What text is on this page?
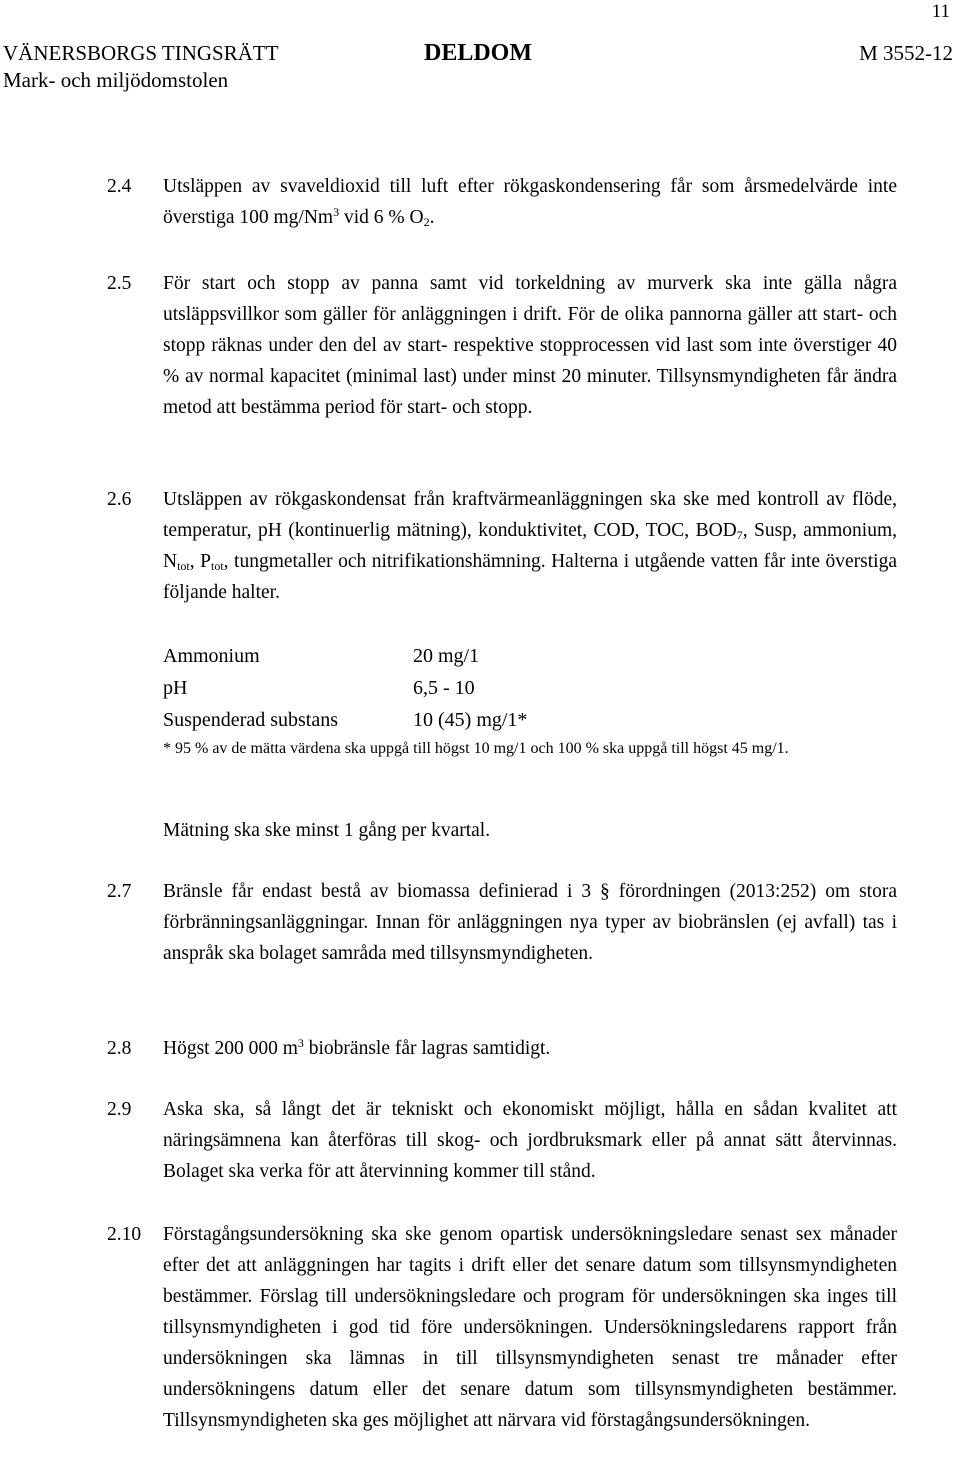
11
VÄNERSBORGS TINGSRÄTT
Mark- och miljödomstolen
DELDOM	M 3552-12
2.4 Utsläppen av svaveldioxid till luft efter rökgaskondensering får som årsmedelvärde inte överstiga 100 mg/Nm$^3$ vid 6 % $O_2$.
2.5 För start och stopp av panna samt vid torkeldning av murverk ska inte gälla några utsläppsvillkor som gäller för anläggningen i drift. För de olika pannorna gäller att start- och stopp räknas under den del av start- respektive stopprocessen vid last som inte överstiger 40 % av normal kapacitet (minimal last) under minst 20 minuter. Tillsynsmyndigheten får ändra metod att bestämma period för start- och stopp.
2.6 Utsläppen av rökgaskondensat från kraftvärmeanläggningen ska ske med kontroll av flöde, temperatur, pH (kontinuerlig mätning), konduktivitet, COD, TOC, $BOD_7$, Susp, ammonium, $N_{tot}$, $P_{tot}$, tungmetaller och nitrifikationshämning. Halterna i utgående vatten får inte överstiga följande halter.
Ammonium	20 mg/1
pH	6,5 - 10
Suspenderad substans	10 (45) mg/1*
* 95 % av de mätta värdena ska uppgå till högst 10 mg/1 och 100 % ska uppgå till högst 45 mg/1.
Mätning ska ske minst 1 gång per kvartal.
2.7 Bränsle får endast bestå av biomassa definierad i 3 § förordningen (2013:252) om stora förbränningsanläggningar. Innan för anläggningen nya typer av biobränslen (ej avfall) tas i anspråk ska bolaget samråda med tillsynsmyndigheten.
2.8 Högst 200 000 $m^3$ biobränsle får lagras samtidigt.
2.9 Aska ska, så långt det är tekniskt och ekonomiskt möjligt, hålla en sådan kvalitet att näringsämnena kan återföras till skog- och jordbruksmark eller på annat sätt återvinnas. Bolaget ska verka för att återvinning kommer till stånd.
2.10 Förstagångsundersökning ska ske genom opartisk undersökningsledare senast sex månader efter det att anläggningen har tagits i drift eller det senare datum som tillsynsmyndigheten bestämmer. Förslag till undersökningsledare och program för undersökningen ska inges till tillsynsmyndigheten i god tid före undersökningen. Undersökningsledarens rapport från undersökningen ska lämnas in till tillsynsmyndigheten senast tre månader efter undersökningens datum eller det senare datum som tillsynsmyndigheten bestämmer. Tillsynsmyndigheten ska ges möjlighet att närvara vid förstagångsundersökningen.
